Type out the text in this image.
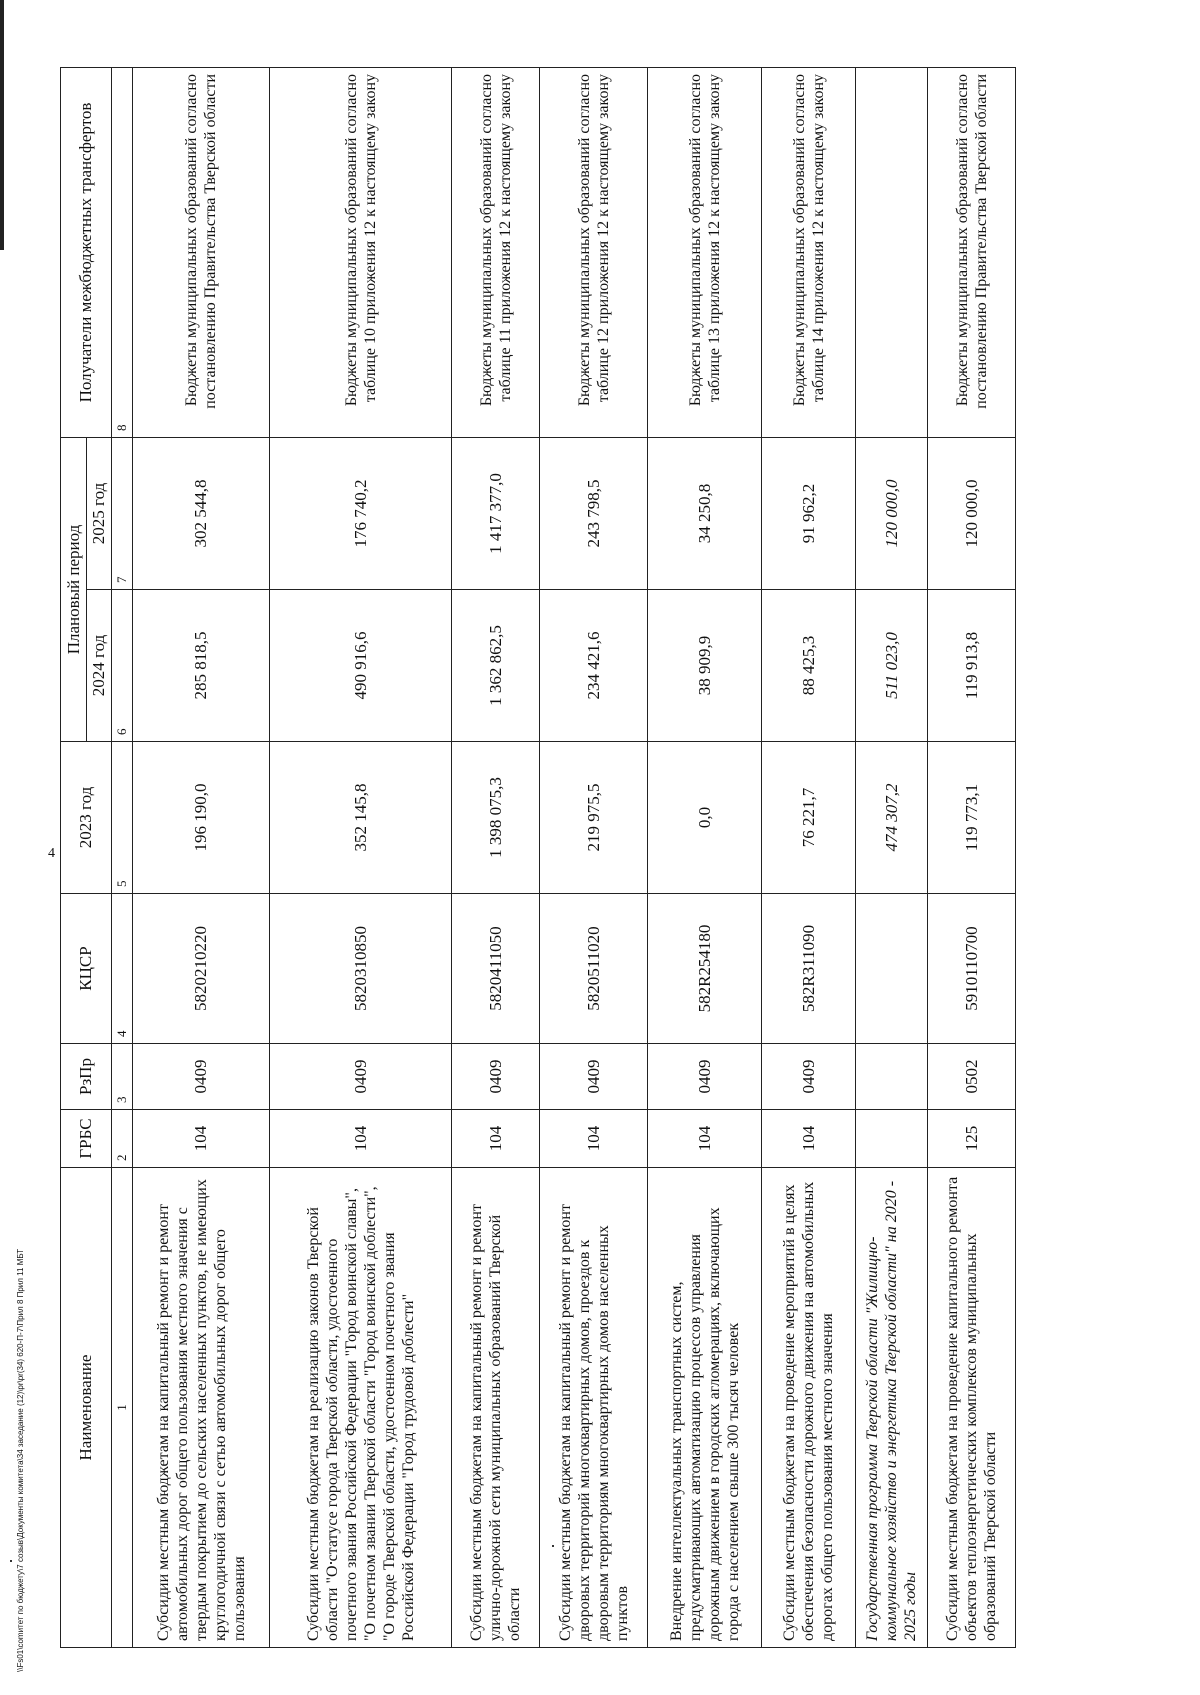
4
Наименование	ГРБС	РзПр	КЦСР	2023 год	Плановый период		Получатели межбюджетных трансфертов
					2024 год	2025 год	
1	2	3	4	5	6	7	8
Субсидии местным бюджетам на капитальный ремонт и ремонт автомобильных дорог общего пользования местного значения с твердым покрытием до сельских населенных пунктов, не имеющих круглогодичной связи с сетью автомобильных дорог общего пользования	104	0409	5820210220	196 190,0	285 818,5	302 544,8	Бюджеты муниципальных образований согласно постановлению Правительства Тверской области
Субсидии местным бюджетам на реализацию законов Тверской области "О статусе города Тверской области, удостоенного почетного звания Российской Федерации "Город воинской славы", "О почетном звании Тверской области "Город воинской доблести", "О городе Тверской области, удостоенном почетного звания Российской Федерации "Город трудовой доблести"	104	0409	5820310850	352 145,8	490 916,6	176 740,2	Бюджеты муниципальных образований согласно таблице 10 приложения 12 к настоящему закону
Субсидии местным бюджетам на капитальный ремонт и ремонт улично-дорожной сети муниципальных образований Тверской области	104	0409	5820411050	1 398 075,3	1 362 862,5	1 417 377,0	Бюджеты муниципальных образований согласно таблице 11 приложения 12 к настоящему закону
Субсидии местным бюджетам на капитальный ремонт и ремонт дворовых территорий многоквартирных домов, проездов к дворовым территориям многоквартирных домов населенных пунктов	104	0409	5820511020	219 975,5	234 421,6	243 798,5	Бюджеты муниципальных образований согласно таблице 12 приложения 12 к настоящему закону
Внедрение интеллектуальных транспортных систем, предусматривающих автоматизацию процессов управления дорожным движением в городских агломерациях, включающих города с населением свыше 300 тысяч человек	104	0409	582R254180	0,0	38 909,9	34 250,8	Бюджеты муниципальных образований согласно таблице 13 приложения 12 к настоящему закону
Субсидии местным бюджетам на проведение мероприятий в целях обеспечения безопасности дорожного движения на автомобильных дорогах общего пользования местного значения	104	0409	582R311090	76 221,7	88 425,3	91 962,2	Бюджеты муниципальных образований согласно таблице 14 приложения 12 к настоящему закону
Государственная программа Тверской области "Жилищно-коммунальное хозяйство и энергетика Тверской области" на 2020 - 2025 годы				474 307,2	511 023,0	120 000,0	
Субсидии местным бюджетам на проведение капитального ремонта объектов теплоэнергетических комплексов муниципальных образований Тверской области	125	0502	5910110700	119 773,1	119 913,8	120 000,0	Бюджеты муниципальных образований согласно постановлению Правительства Тверской области
\\Fs01\comитет по бюджету\7 созыв\Документы комитета\34 заседание (12)\pr\pr(34) 620-П-7\Прил 8 Прил 11 МБТ
